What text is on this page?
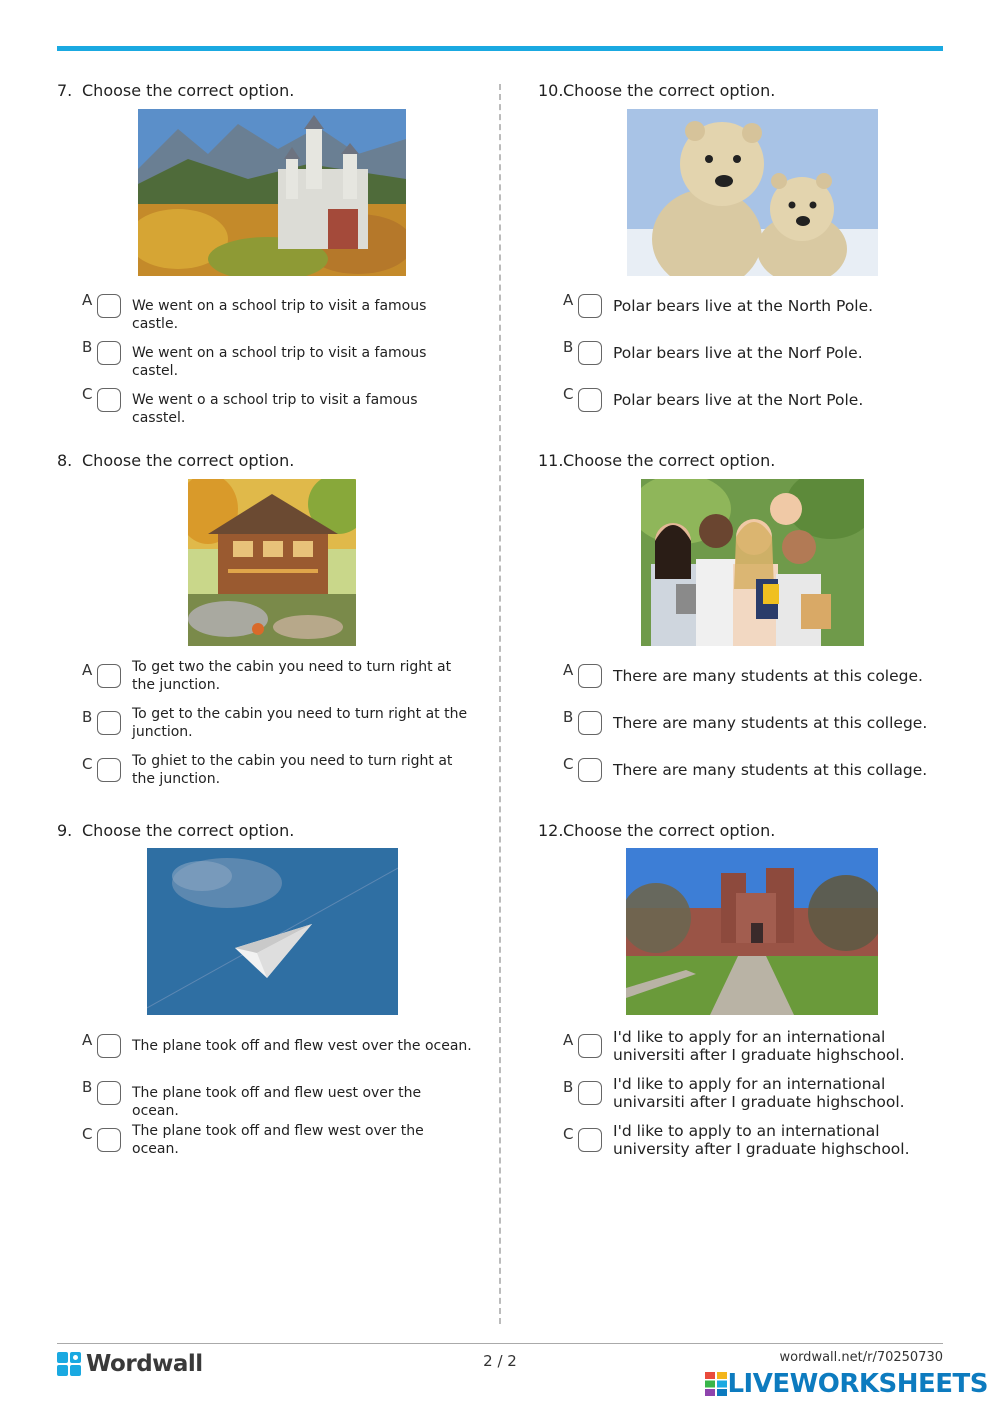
7. Choose the correct option.
A	We went on a school trip to visit a famous castle.
B	We went on a school trip to visit a famous castel.
C	We went o a school trip to visit a famous casstel.
8. Choose the correct option.
A	To get two the cabin you need to turn right at the junction.
B	To get to the cabin you need to turn right at the junction.
C	To ghiet to the cabin you need to turn right at the junction.
9. Choose the correct option.
A	The plane took off and flew vest over the ocean.
B	The plane took off and flew uest over the ocean.
C	The plane took off and flew west over the ocean.
10. Choose the correct option.
A	Polar bears live at the North Pole.
B	Polar bears live at the Norf Pole.
C	Polar bears live at the Nort Pole.
11. Choose the correct option.
A	There are many students at this colege.
B	There are many students at this college.
C	There are many students at this collage.
12. Choose the correct option.
A	I'd like to apply for an international universiti after I graduate highschool.
B	I'd like to apply for an international univarsiti after I graduate highschool.
C	I'd like to apply to an international university after I graduate highschool.
Wordwall	2 / 2	wordwall.net/r/70250730
LIVEWORKSHEETS
